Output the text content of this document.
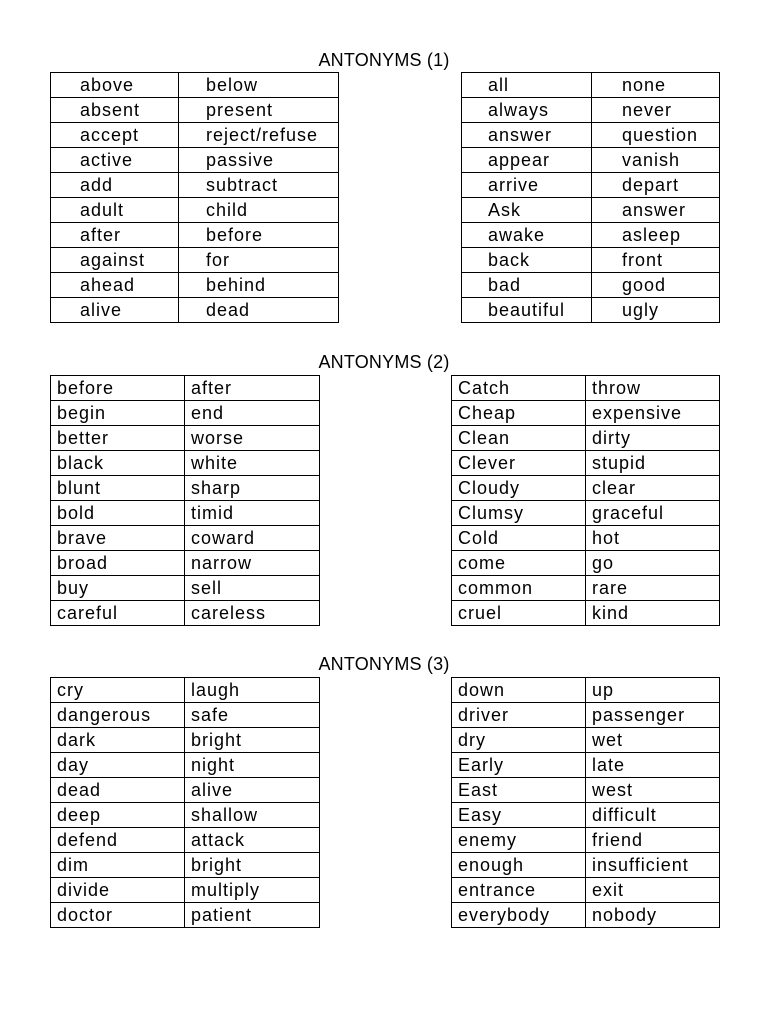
ANTONYMS (1)
above	below
absent	present
accept	reject/refuse
active	passive
add	subtract
adult	child
after	before
against	for
ahead	behind
alive	dead
all	none
always	never
answer	question
appear	vanish
arrive	depart
Ask	answer
awake	asleep
back	front
bad	good
beautiful	ugly
ANTONYMS (2)
before	after
begin	end
better	worse
black	white
blunt	sharp
bold	timid
brave	coward
broad	narrow
buy	sell
careful	careless
Catch	throw
Cheap	expensive
Clean	dirty
Clever	stupid
Cloudy	clear
Clumsy	graceful
Cold	hot
come	go
common	rare
cruel	kind
ANTONYMS (3)
cry	laugh
dangerous	safe
dark	bright
day	night
dead	alive
deep	shallow
defend	attack
dim	bright
divide	multiply
doctor	patient
down	up
driver	passenger
dry	wet
Early	late
East	west
Easy	difficult
enemy	friend
enough	insufficient
entrance	exit
everybody	nobody
